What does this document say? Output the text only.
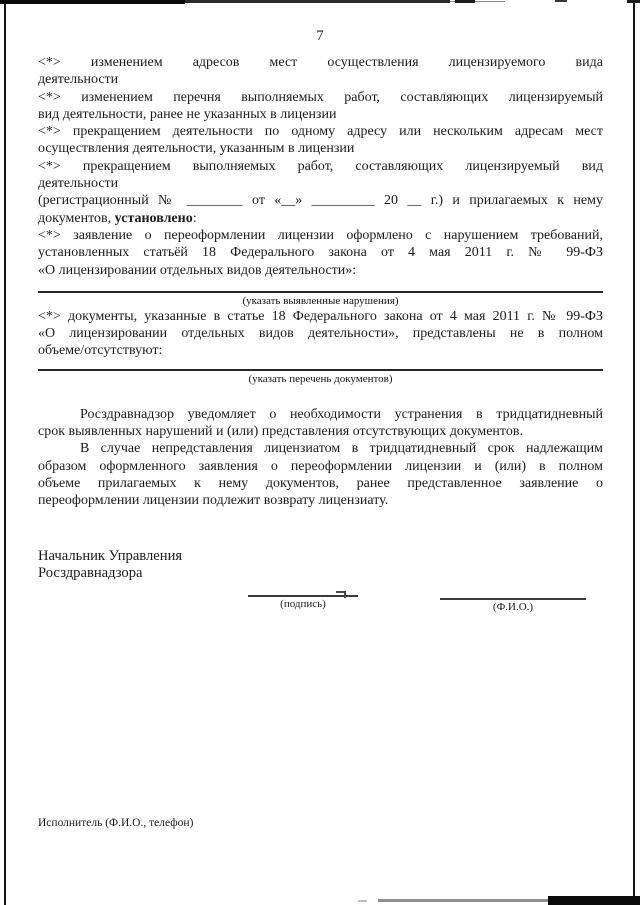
7
<*> изменением адресов мест осуществления лицензируемого вида
деятельности
<*> изменением перечня выполняемых работ, составляющих лицензируемый
вид деятельности, ранее не указанных в лицензии
<*> прекращением деятельности по одному адресу или нескольким адресам мест
осуществления деятельности, указанным в лицензии
<*> прекращением выполняемых работ, составляющих лицензируемый вид
деятельности
(регистрационный № ________ от «__» _________ 20 __ г.) и прилагаемых к нему
документов, установлено:
<*> заявление о переоформлении лицензии оформлено с нарушением требований,
установленных статьёй 18 Федерального закона от 4 мая 2011 г. № 99-ФЗ
«О лицензировании отдельных видов деятельности»:
(указать выявленные нарушения)
<*> документы, указанные в статье 18 Федерального закона от 4 мая 2011 г. № 99-ФЗ
«О лицензировании отдельных видов деятельности», представлены не в полном
объеме/отсутствуют:
(указать перечень документов)
Росздравнадзор уведомляет о необходимости устранения в тридцатидневный
срок выявленных нарушений и (или) представления отсутствующих документов.
В случае непредставления лицензиатом в тридцатидневный срок надлежащим
образом оформленного заявления о переоформлении лицензии и (или) в полном
объеме прилагаемых к нему документов, ранее представленное заявление о
переоформлении лицензии подлежит возврату лицензиату.
Начальник Управления
Росздравнадзора
(подпись)	(Ф.И.О.)
Исполнитель (Ф.И.О., телефон)
